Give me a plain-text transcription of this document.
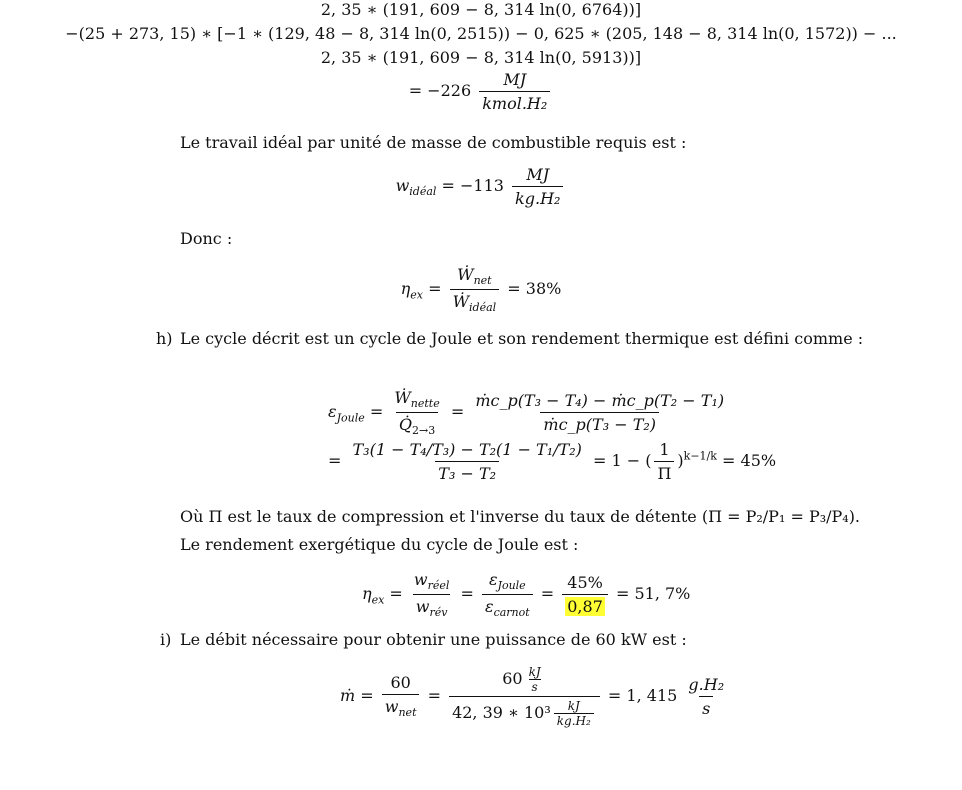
2, 35 ∗ (191, 609 − 8, 314 ln(0, 6764))]
−(25 + 273, 15) ∗ [−1 ∗ (129, 48 − 8, 314 ln(0, 2515)) − 0, 625 ∗ (205, 148 − 8, 314 ln(0, 1572)) − ...
2, 35 ∗ (191, 609 − 8, 314 ln(0, 5913))]
= $-226 \frac{MJ}{\text{kmol.H₂}}$
Le travail idéal par unité de masse de combustible requis est :
$w_{idéal} = -113 \frac{MJ}{\text{kg.H₂}}$
Donc :
$\eta_{ex} = \frac{Ẇ_{net}}{Ẇ_{idéal}} = 38\%$
h) Le cycle décrit est un cycle de Joule et son rendement thermique est défini comme :
$\varepsilon_{Joule} = \frac{Ẇ_{nette}}{Q̇_{2\to 3}} = \frac{\text{ṁc\_p(T₃ − T₄) − ṁc\_p(T₂ − T₁)}}{\text{ṁc\_p(T₃ − T₂)}}$
= $\frac{\text{T₃(1 − T₄/T₃) − T₂(1 − T₁/T₂)}}{\text{T₃ − T₂}} = 1$ − ( $\frac{1}{\Pi} )^{k-1/k} = 45\%$
Où Π est le taux de compression et l'inverse du taux de détente (Π = P₂/P₁ = P₃/P₄).
Le rendement exergétique du cycle de Joule est :
$\eta_{ex} = \frac{w_{réel}}{w_{rév}} = \frac{\varepsilon_{Joule}}{\varepsilon_{carnot}} = \frac{45\%}{0,87} = 51$, 7%
i) Le débit nécessaire pour obtenir une puissance de 60 kW est :
ṁ = $\frac{60}{w_{net}} = \frac{60 \frac{kJ}{s}}{42, 39 ∗ 10^3 \frac{kJ}{\text{kg.H₂}}} = 1$, $415 \frac{\text{g.H₂}}{s}$
